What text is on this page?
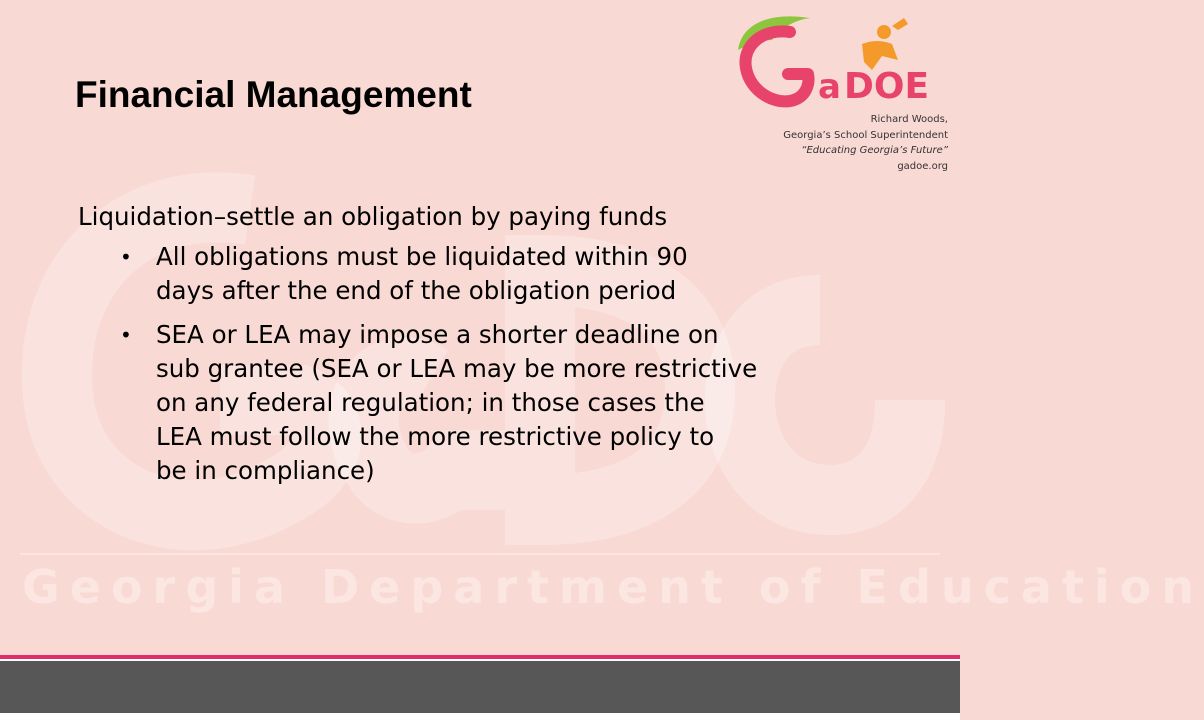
Georgia Department of Education
Financial Management	a DOE
Richard Woods,
Georgia’s School Superintendent
“Educating Georgia’s Future”
gadoe.org
Liquidation–settle an obligation by paying funds
• All obligations must be liquidated within 90
days after the end of the obligation period
• SEA or LEA may impose a shorter deadline on
sub grantee (SEA or LEA may be more restrictive
on any federal regulation; in those cases the
LEA must follow the more restrictive policy to
be in compliance)
